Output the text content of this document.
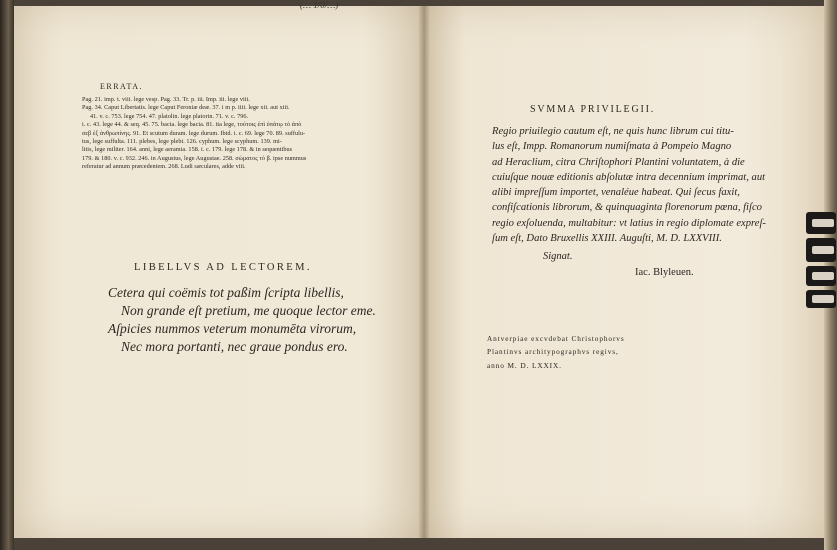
(… 1/0/…)
ERRATA.
Pag. 21. imp. t. viii. lege vesp. Pag. 33. Tr. p. iii. Imp. iii. lege viii.
Pag. 34. Caput Libertatis. lege Caput Feroniæ deæ. 37. i m p. iiii. lege xii. aut xiii.
41. v. c. 753. lege 754. 47. platolin. lege platorin. 71. v. c. 796.
i. c. 43. lege 44. & seq. 45. 75. bacia. lege bacia. 81. ita lege, τούτοις ἐπὶ ὑπάτῳ τὸ ἀπὸ
σεβ ἐξ ἀνθρωπίνης. 91. Et scutum duram. lege durum. Ibid. i. c. 69. lege 70. 89. suffulu-
tus, lege suffulta. 111. plebes, lege plebi. 126. cyphum. lege scyphum. 139. mi-
litis, lege militer. 164. anni, lege aeramia. 158. i. c. 179. lege 178. & in sequentibus
179. & 180. v. c. 932. 246. in Augustus, lege Augustae. 258. σώματος τὸ β. ipse nummus
referatur ad annum præcedentem. 268. Ludi sæculares, adde viii.
LIBELLVS AD LECTOREM.
Cetera qui coëmis tot paßim ſcripta libellis,
Non grande eſt pretium, me quoque lector eme.
Aſpicies nummos veterum monumēta virorum,
Nec mora portanti, nec graue pondus ero.
SVMMA PRIVILEGII.
Regio priuilegio cautum eſt, ne quis hunc librum cui titu-
lus eſt, Impp. Romanorum numiſmata à Pompeio Magno
ad Heraclium, citra Chriſtophori Plantini voluntatem, à die
cuiuſque nouæ editionis abſolutæ intra decennium imprimat, aut
alibi impreſſum importet, venaléue habeat. Qui ſecus faxit,
confiſcationis librorum, & quinquaginta florenorum pœna, fiſco
regio exſoluenda, multabitur: vt latius in regio diplomate expreſ-
ſum eſt, Dato Bruxellis XXIII. Auguſti, M. D. LXXVIII.
Signat.
Iac. Blyleuen.
Antverpiae excvdebat Christophorvs
Plantinvs architypographvs regivs,
anno M. D. LXXIX.
